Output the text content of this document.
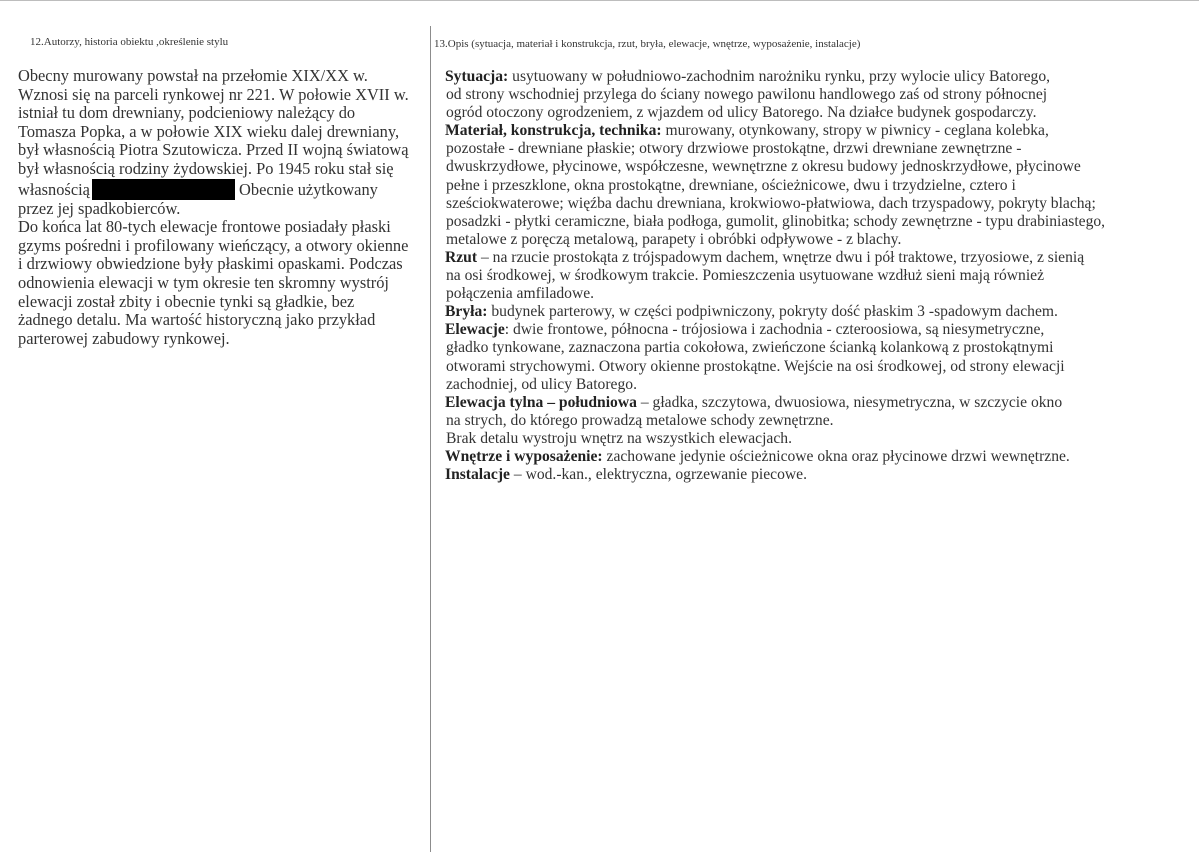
12.Autorzy, historia obiektu ,określenie stylu
Obecny murowany powstał na przełomie XIX/XX w.
Wznosi się na parceli rynkowej nr 221. W połowie XVII w.
istniał tu dom drewniany, podcieniowy należący do
Tomasza Popka, a w połowie XIX wieku dalej drewniany,
był własnością Piotra Szutowicza. Przed II wojną światową
był własnością rodziny żydowskiej. Po 1945 roku stał się
własnością	Obecnie użytkowany
przez jej spadkobierców.
Do końca lat 80-tych elewacje frontowe posiadały płaski
gzyms pośredni i profilowany wieńczący, a otwory okienne
i drzwiowy obwiedzione były płaskimi opaskami. Podczas
odnowienia elewacji w tym okresie ten skromny wystrój
elewacji został zbity i obecnie tynki są gładkie, bez
żadnego detalu. Ma wartość historyczną jako przykład
parterowej zabudowy rynkowej.
13.Opis (sytuacja, materiał i konstrukcja, rzut, bryła, elewacje, wnętrze, wyposażenie, instalacje)
Sytuacja: usytuowany w południowo-zachodnim narożniku rynku, przy wylocie ulicy Batorego,
od strony wschodniej przylega do ściany nowego pawilonu handlowego zaś od strony północnej
ogród otoczony ogrodzeniem, z wjazdem od ulicy Batorego. Na działce budynek gospodarczy.
Materiał, konstrukcja, technika: murowany, otynkowany, stropy w piwnicy - ceglana kolebka,
pozostałe - drewniane płaskie; otwory drzwiowe prostokątne, drzwi drewniane zewnętrzne -
dwuskrzydłowe, płycinowe, współczesne, wewnętrzne z okresu budowy jednoskrzydłowe, płycinowe
pełne i przeszklone, okna prostokątne, drewniane, ościeżnicowe, dwu i trzydzielne, cztero i
sześciokwaterowe; więźba dachu drewniana, krokwiowo-płatwiowa, dach trzyspadowy, pokryty blachą;
posadzki - płytki ceramiczne, biała podłoga, gumolit, glinobitka; schody zewnętrzne - typu drabiniastego,
metalowe z poręczą metalową, parapety i obróbki odpływowe - z blachy.
Rzut – na rzucie prostokąta z trójspadowym dachem, wnętrze dwu i pół traktowe, trzyosiowe, z sienią
na osi środkowej, w środkowym trakcie. Pomieszczenia usytuowane wzdłuż sieni mają również
połączenia amfiladowe.
Bryła: budynek parterowy, w części podpiwniczony, pokryty dość płaskim 3 -spadowym dachem.
Elewacje: dwie frontowe, północna - trójosiowa i zachodnia - czteroosiowa, są niesymetryczne,
gładko tynkowane, zaznaczona partia cokołowa, zwieńczone ścianką kolankową z prostokątnymi
otworami strychowymi. Otwory okienne prostokątne. Wejście na osi środkowej, od strony elewacji
zachodniej, od ulicy Batorego.
Elewacja tylna – południowa – gładka, szczytowa, dwuosiowa, niesymetryczna, w szczycie okno
na strych, do którego prowadzą metalowe schody zewnętrzne.
Brak detalu wystroju wnętrz na wszystkich elewacjach.
Wnętrze i wyposażenie: zachowane jedynie ościeżnicowe okna oraz płycinowe drzwi wewnętrzne.
Instalacje – wod.-kan., elektryczna, ogrzewanie piecowe.
